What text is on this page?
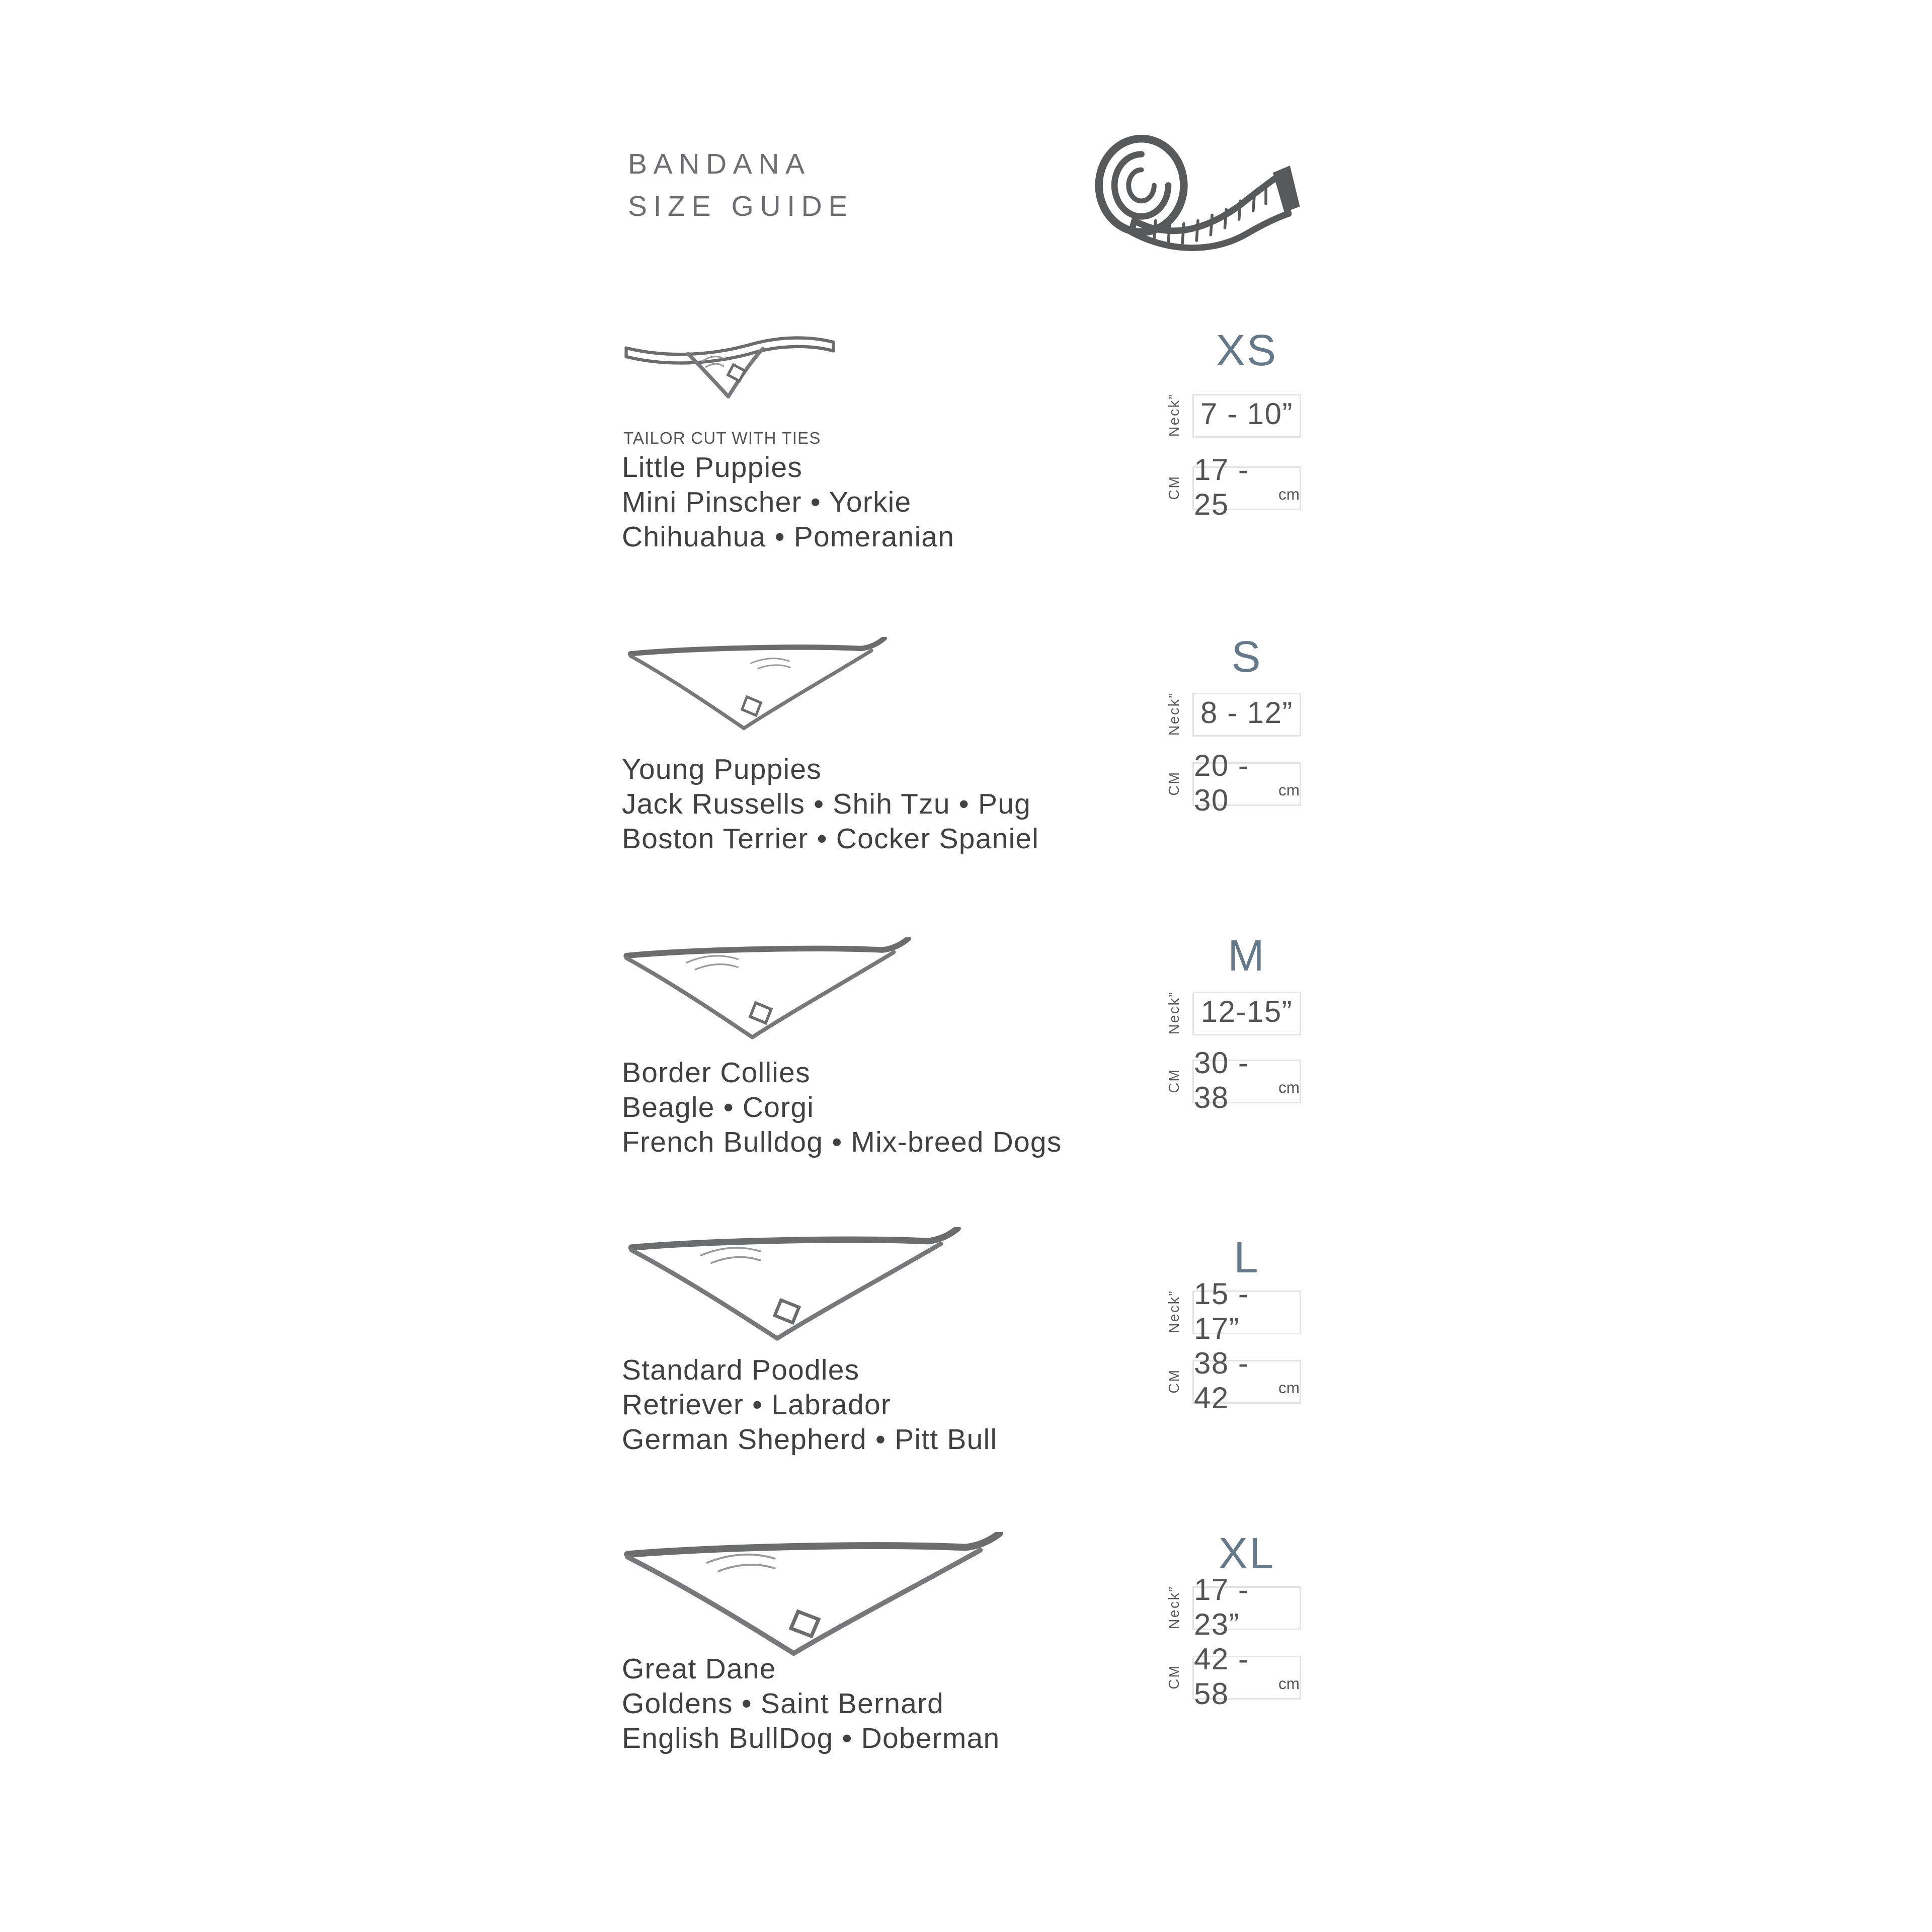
BANDANA
SIZE GUIDE
TAILOR CUT WITH TIES
Little Puppies
Mini Pinscher • Yorkie
Chihuahua • Pomeranian
XS
Neck” 7 - 10”
CM
17 - 25	cm
Young Puppies
Jack Russells • Shih Tzu • Pug
Boston Terrier • Cocker Spaniel
S
Neck” 8 - 12”
CM
20 - 30	cm
Border Collies
Beagle • Corgi
French Bulldog • Mix-breed Dogs
M
Neck” 12-15”
CM
30 - 38	cm
Standard Poodles
Retriever • Labrador
German Shepherd • Pitt Bull
L
Neck” 15 - 17”
CM
38 - 42	cm
Great Dane
Goldens • Saint Bernard
English BullDog • Doberman
XL
Neck” 17 - 23”
CM
42 - 58	cm
